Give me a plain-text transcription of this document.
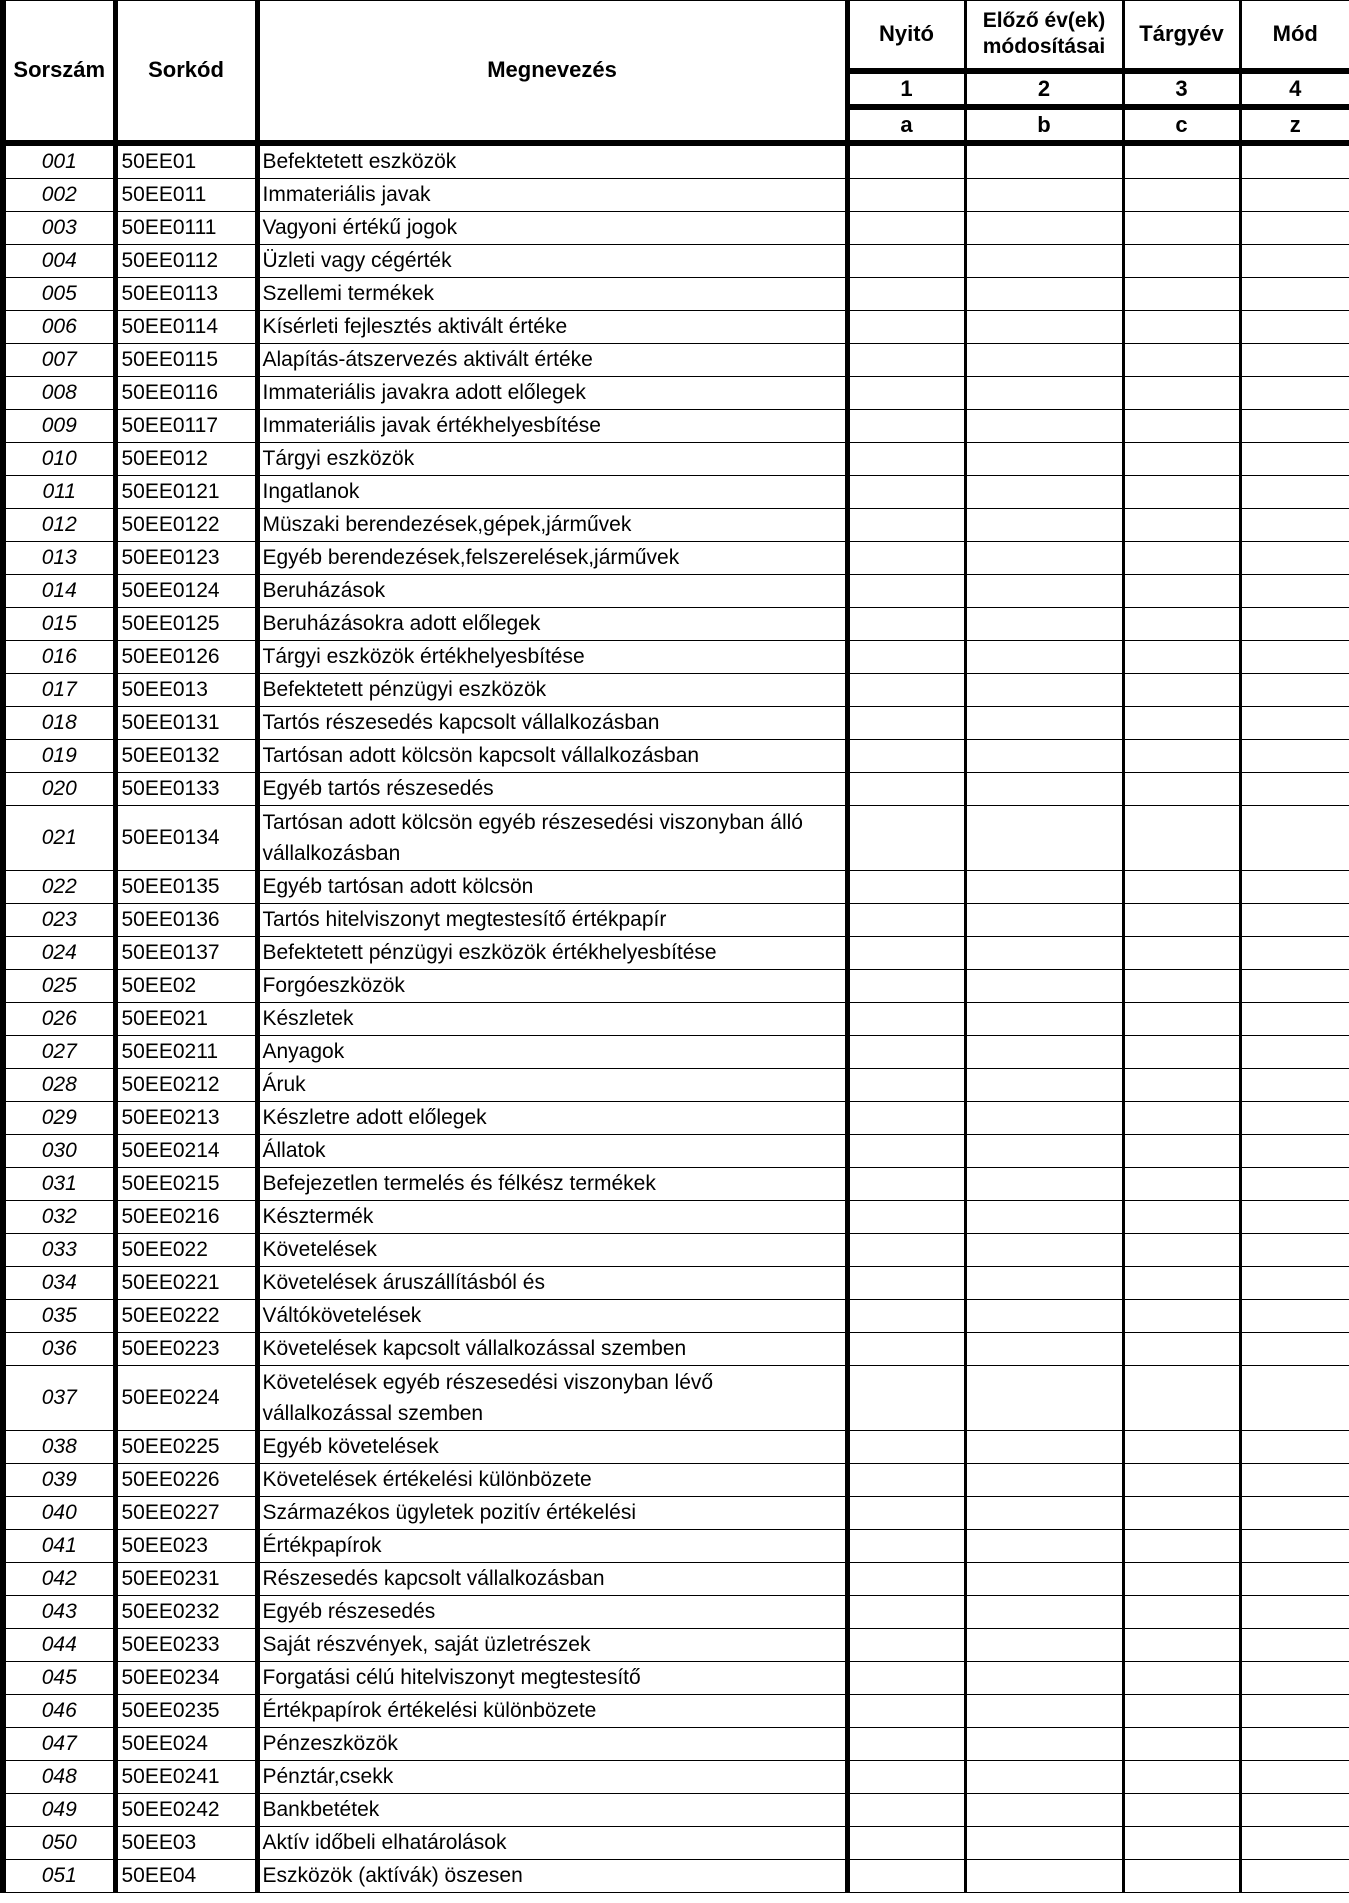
Sorszám	Sorkód	Megnevezés	Nyitó	Előző év(ek) módosításai	Tárgyév	Mód
			1	2	3	4
			a	b	c	z
001	50EE01	Befektetett eszközök				
002	50EE011	Immateriális javak				
003	50EE0111	Vagyoni értékű jogok				
004	50EE0112	Üzleti vagy cégérték				
005	50EE0113	Szellemi termékek				
006	50EE0114	Kísérleti fejlesztés aktivált értéke				
007	50EE0115	Alapítás-átszervezés aktivált értéke				
008	50EE0116	Immateriális javakra adott előlegek				
009	50EE0117	Immateriális javak értékhelyesbítése				
010	50EE012	Tárgyi eszközök				
011	50EE0121	Ingatlanok				
012	50EE0122	Müszaki berendezések,gépek,járművek				
013	50EE0123	Egyéb berendezések,felszerelések,járművek				
014	50EE0124	Beruházások				
015	50EE0125	Beruházásokra adott előlegek				
016	50EE0126	Tárgyi eszközök értékhelyesbítése				
017	50EE013	Befektetett pénzügyi eszközök				
018	50EE0131	Tartós részesedés kapcsolt vállalkozásban				
019	50EE0132	Tartósan adott kölcsön kapcsolt vállalkozásban				
020	50EE0133	Egyéb tartós részesedés				
021	50EE0134	Tartósan adott kölcsön egyéb részesedési viszonyban álló vállalkozásban				
022	50EE0135	Egyéb tartósan adott kölcsön				
023	50EE0136	Tartós hitelviszonyt megtestesítő értékpapír				
024	50EE0137	Befektetett pénzügyi eszközök értékhelyesbítése				
025	50EE02	Forgóeszközök				
026	50EE021	Készletek				
027	50EE0211	Anyagok				
028	50EE0212	Áruk				
029	50EE0213	Készletre adott előlegek				
030	50EE0214	Állatok				
031	50EE0215	Befejezetlen termelés és félkész termékek				
032	50EE0216	Késztermék				
033	50EE022	Követelések				
034	50EE0221	Követelések áruszállításból és				
035	50EE0222	Váltókövetelések				
036	50EE0223	Követelések kapcsolt vállalkozással szemben				
037	50EE0224	Követelések egyéb részesedési viszonyban lévő vállalkozással szemben				
038	50EE0225	Egyéb követelések				
039	50EE0226	Követelések értékelési különbözete				
040	50EE0227	Származékos ügyletek pozitív értékelési				
041	50EE023	Értékpapírok				
042	50EE0231	Részesedés kapcsolt vállalkozásban				
043	50EE0232	Egyéb részesedés				
044	50EE0233	Saját részvények, saját üzletrészek				
045	50EE0234	Forgatási célú hitelviszonyt megtestesítő				
046	50EE0235	Értékpapírok értékelési különbözete				
047	50EE024	Pénzeszközök				
048	50EE0241	Pénztár,csekk				
049	50EE0242	Bankbetétek				
050	50EE03	Aktív időbeli elhatárolások				
051	50EE04	Eszközök (aktívák) öszesen				
